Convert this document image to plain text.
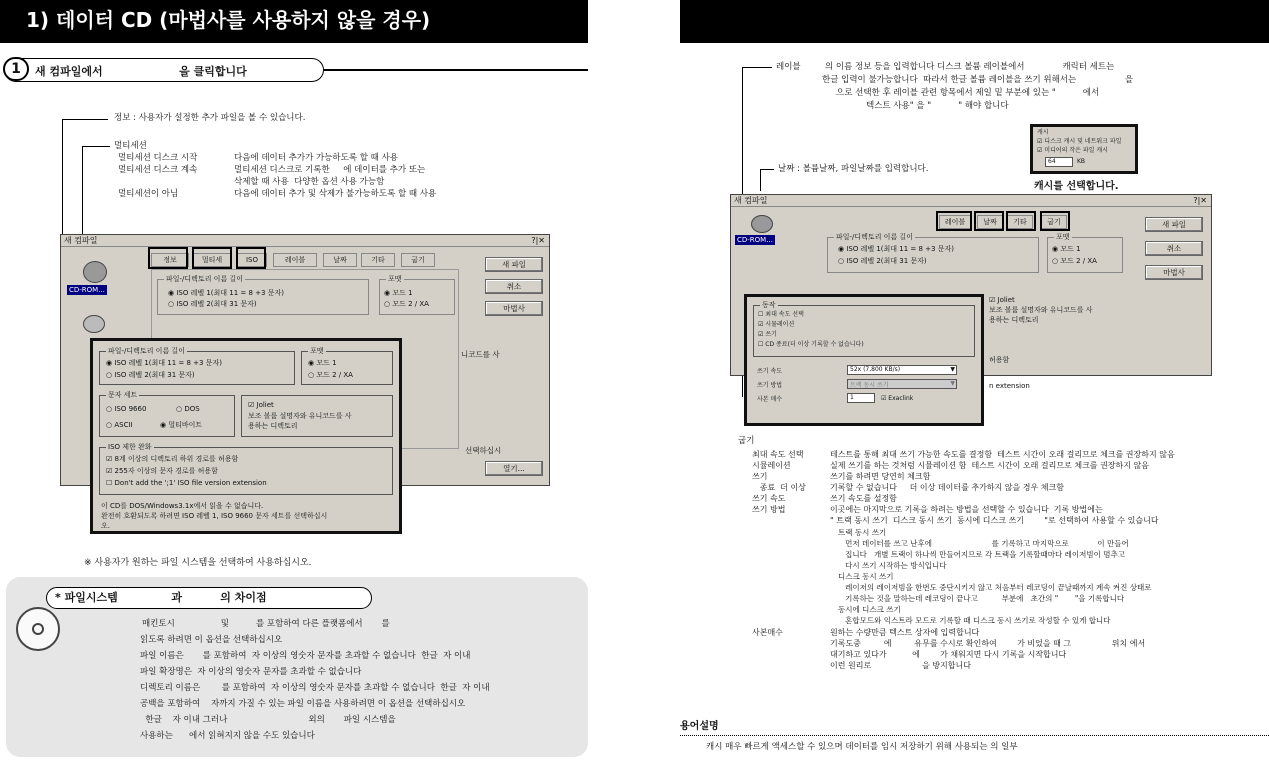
1) 데이터 CD (마법사를 사용하지 않을 경우)
1	새 컴파일에서                    을 클릭합니다
정보 : 사용자가 설정한 추가 파일을 볼 수 있습니다.
멀티세션
멀티세션 디스크 시작	다음에 데이터 추가가 가능하도록 할 때 사용
멀티세션 디스크 계속	멀티세션 디스크로 기록한     에 데이터를 추가 또는
삭제할 때 사용  다양한 옵션 사용 가능함
멀티세션이 아님	다음에 데이터 추가 및 삭제가 불가능하도록 할 때 사용
새 컴파일	?|✕
CD-ROM...
파일-/디렉토리 이름 길이
◉ ISO 레벨 1(최대 11 = 8 +3 문자)
○ ISO 레벨 2(최대 31 문자)
포맷
◉ 모드 1
○ 모드 2 / XA
니코드를 사
선택하십시
새 파일
취소
마법사
열기...
정보	멀티세	ISO	레이블	날짜	기타	굽기
파일-/디렉토리 이름 길이
◉ ISO 레벨 1(최대 11 = 8 +3 문자)
○ ISO 레벨 2(최대 31 문자)
포맷
◉ 모드 1
○ 모드 2 / XA
문자 세트
○ ISO 9660	○ DOS
○ ASCII	◉ 멀티바이트
☑ Joliet
보조 볼륨 설명자와 유니코드를 사
용하는 디렉토리
ISO 제한 완화
☑ 8계 이상의 디렉토리 하위 경로를 허용함
☑ 255자 이상의 문자 경로를 허용함
☐ Don't add the ';1' ISO file version extension
이 CD를 DOS/Windows3.1x에서 읽을 수 없습니다.
완전히 호환되도록 하려면 ISO 레벨 1, ISO 9660 문자 세트를 선택하십시
오.
※ 사용자가 원하는 파일 시스템을 선택하여 사용하십시오.
* 파일시스템              과          의 차이점
매킨토시                 및          를 포함하여 다른 플랫폼에서       를
읽도록 하려면 이 옵션을 선택하십시오
파일 이름은       를 포함하여  자 이상의 영숫자 문자를 초과할 수 없습니다  한글  자 이내
파일 확장명은  자 이상의 영숫자 문자를 초과할 수 없습니다
디렉토리 이름은        를 포함하여  자 이상의 영숫자 문자를 초과할 수 없습니다  한글  자 이내
공백을 포함하여    자까지 가질 수 있는 파일 이름을 사용하려면 이 옵션을 선택하십시오
한글    자 이내 그러나                              외의       파일 시스템을
사용하는      에서 읽혀지지 않을 수도 있습니다
레이블         의 이름 정보 등을 입력합니다 디스크 볼륨 레이블에서              캐릭터 세트는
한글 입력이 불가능합니다  따라서 한글 볼륨 레이블을 쓰기 위해서는                  을
으로 선택한 후 레이블 관련 항목에서 제일 밑 부분에 있는 "          에서
텍스트 사용" 을 "          " 해야 합니다
캐시
☑ 디스크 캐시 및 네트워크 파일
☑ 미디어의 작은 파일 캐시
64	KB
날짜 : 볼륨날짜, 파일날짜를 입력합니다.
캐시를 선택합니다.
새 컴파일	?|✕
CD-ROM...	파일-/디렉토리 이름 길이
◉ ISO 레벨 1(최대 11 = 8 +3 문자)
○ ISO 레벨 2(최대 31 문자)
포맷
◉ 모드 1
○ 모드 2 / XA
☑ Joliet
보조 볼륨 설명자와 유니코드를 사
용하는 디렉토리
허용함
n extension
새 파일
취소
마법사
레이블	날짜	기타	굽기
동작
☐ 최대 속도 선택
☑ 시뮬레이션
☑ 쓰기
☐ CD 종료(더 이상 기록할 수 없습니다)
쓰기 속도	52x (7,800 KB/s)	▼
쓰기 방법	트랙 동시 쓰기	▼
사본 매수	1	☑ Exaclink
굽기
최대 속도 선택	테스트를 통해 최대 쓰기 가능한 속도를 결정함  테스트 시간이 오래 걸리므로 체크를 권장하지 않음
시뮬레이션	실제 쓰기를 하는 것처럼 시뮬레이션 함  테스트 시간이 오래 걸리므로 체크를 권장하지 않음
쓰기	쓰기를 하려면 당연히 체크함
종료  더 이상	기록할 수 없습니다     더 이상 데이터를 추가하지 않을 경우 체크함
쓰기 속도	쓰기 속도를 설정함
쓰기 방법	이곳에는 마지막으로 기록을 하려는 방법을 선택할 수 있습니다  기록 방법에는
" 트랙 동시 쓰기  디스크 동시 쓰기  동시에 디스크 쓰기        "로 선택하여 사용할 수 있습니다
트랙 동시 쓰기
먼저 데이터를 쓰고 난후에                         를 기록하고 마지막으로            이 만들어
집니다   개별 트랙이 하나씩 만들어지므로 각 트랙을 기록할때마다 레이저빔이 멈추고
다시 쓰기 시작하는 방식입니다
디스크 동시 쓰기
레이저의 레이저빔을 한번도 중단시키지 않고 처음부터 레코딩이 끝날때까지 계속 켜진 상태로
기록하는 것을 말하는데 레코딩이 끝나고          부분에   초간의 "       "을 기록합니다
동시에 디스크 쓰기
혼합모드와 익스트라 모드로 기록할 때 디스크 동시 쓰기로 작성할 수 있게 합니다
사본매수	원하는 수량만큼 텍스트 상자에 입력합니다
기록도중         에         유무를 수시로 확인하여        가 비었을 때 그                위치 에서
대기하고 있다가          에        가 채워지면 다시 기록을 시작합니다
이런 원리로                    을 방지합니다
용어설명
캐시 매우 빠르게 액세스할 수 있으며 데이터를 임시 저장하기 위해 사용되는 의 일부
